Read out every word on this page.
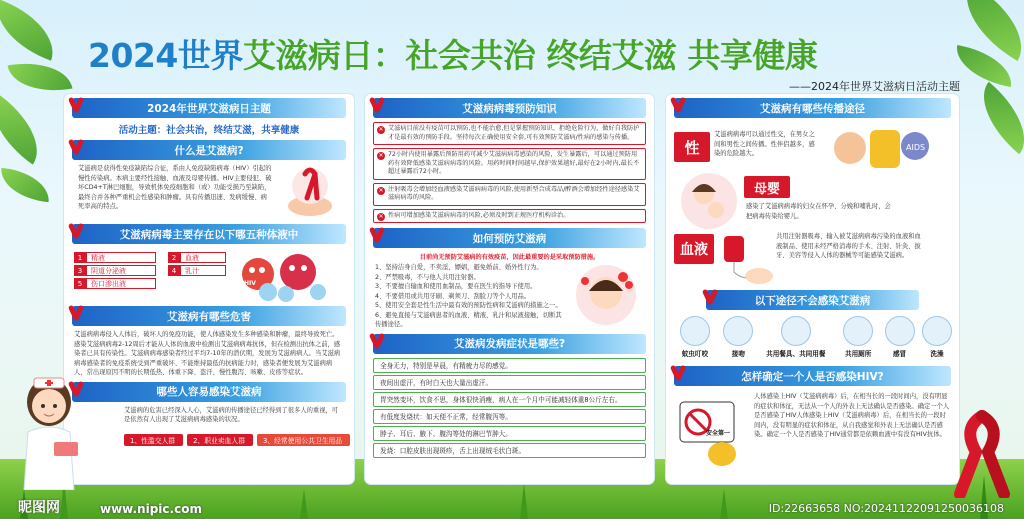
2024世界艾滋病日：社会共治 终结艾滋 共享健康
——2024年世界艾滋病日活动主题
2024年世界艾滋病日主题
活动主题：社会共治，终结艾滋，共享健康
什么是艾滋病?
艾滋病是获得性免疫缺陷综合征，系由人免疫缺陷病毒（HIV）引起的慢性传染病。本病主要经性接触、血液及母婴传播。HIV主要侵犯、破坏CD4+T淋巴细胞，导致机体免疫细胞和（或）功能受损乃至缺陷，最终合并各种严重机会性感染和肿瘤。具有传播迅速、发病缓慢、病死率高的特点。
艾滋病病毒主要存在以下哪五种体液中
1	精液
3	阴道分泌液
5	伤口渗出液
2	血液
4	乳汁
HIV
艾滋病有哪些危害
艾滋病病毒侵入人体后，破坏人的免疫功能，使人体感染发生多种感染和肿瘤，最终导致死亡。感染艾滋病病毒2-12周后才能从人体的血液中检测出艾滋病病毒抗体，但在检测出抗体之前，感染者已具有传染性。艾滋病病毒感染者经过平均7-10年的潜伏期，发展为艾滋病病人。当艾滋病病毒感染者的免疫系统受到严重破坏、不能维持最低的抗病能力时，感染者便发展为艾滋病病人，常出现原因不明的长期低热、体重下降、盗汗、慢性腹泻、咳嗽、皮疹等症状。
哪些人容易感染艾滋病
艾滋病的危害已经深入人心，艾滋病的传播途径已经得到了很多人的重视，可是依然有人出现了艾滋病病毒感染的状况。
1、性滥交人群	2、职业卖血人群	3、经常使用公共卫生用品
艾滋病病毒预防知识
✕ 艾滋病目前没有疫苗可以预防,也不能治愈,但是掌握预防知识、拒绝危险行为，做好自我防护才是最有效的预防手段。坚持每次正确使用安全套,可有效预防艾滋病/性病的感染与传播。
✕ 72小时内使用暴露后预防用药可减少艾滋病病毒感染的风险，发生暴露后，可以通过预防用药有效降低感染艾滋病病毒的风险。用药时间时间越早,保护效果越好,最好在2小时内,最长不超过暴露后72小时。
✕ 注射吸毒会增加经血液感染艾滋病病毒的风险,使用新型合成毒品/醉酒会增加经性途径感染艾滋病病毒的风险。
✕ 性病可增加感染艾滋病病毒的风险,必须及时到正规医疗机构诊治。
如何预防艾滋病
目前尚无预防艾滋病的有效疫苗，因此最重要的是采取预防措施。
1、坚持洁身自爱，不卖淫、嫖娼，避免婚前、婚外性行为。
2、严禁吸毒，不与他人共用注射器。
3、不要擅自输血和使用血制品，要在医生的指导下使用。
4、不要借用或共用牙刷、剃须刀、刮脸刀等个人用品。
5、使用安全套是性生活中最有效的预防性病和艾滋病的措施之一。
6、避免直接与艾滋病患者的血液、精液、乳汁和尿液接触，切断其传播途径。
艾滋病发病症状是哪些?
全身无力，特别是早晨，有精疲力尽的感觉。
夜间出虚汗，有时白天也大量出虚汗。
胃突然变坏，饮食不思，身体很快消瘦，病人在一个月中可能减轻体重8公斤左右。
有低度发烧状：如天便不正常，经常腹泻等。
脖子、耳后、腋下、腹沟等处的淋巴节肿大。
发烧：口腔皮肤出现斑疹，舌上出现绒毛状白斑。
艾滋病有哪些传播途径
性
艾滋病病毒可以通过性交，在男女之间和男性之间传播。性伴侣越多，感染的危险越大。
AIDS
母婴
感染了艾滋病病毒的妇女在怀孕、分娩和哺乳时，会把病毒传染给婴儿。
血液
共用注射器吸毒、输入被艾滋病病毒污染的血液和血液制品、使用未经严格消毒的手术、注射、针灸、拔牙、美容等侵入人体的器械等可能感染艾滋病。
以下途径不会感染艾滋病
蚊虫叮咬	接吻	共用餐具、共同用餐	共用厕所	感冒	洗澡
怎样确定一个人是否感染HIV?
安全第一
人体感染上HIV（艾滋病病毒）后，在相当长的一段时间内，没有明显的症状和体征，无法从一个人的外表上无法确认是否感染。确定一个人是否感染了HIV人体感染上HIV（艾滋病病毒）后，在相当长的一段时间内，没有明显的症状和体征，从自我感觉和外表上无法确认是否感染。确定一个人是否感染了HIV通常都是依赖血液中有没有HIV抗体。
昵图网	www.nipic.com	ID:22663658 NO:20241122091250036108
